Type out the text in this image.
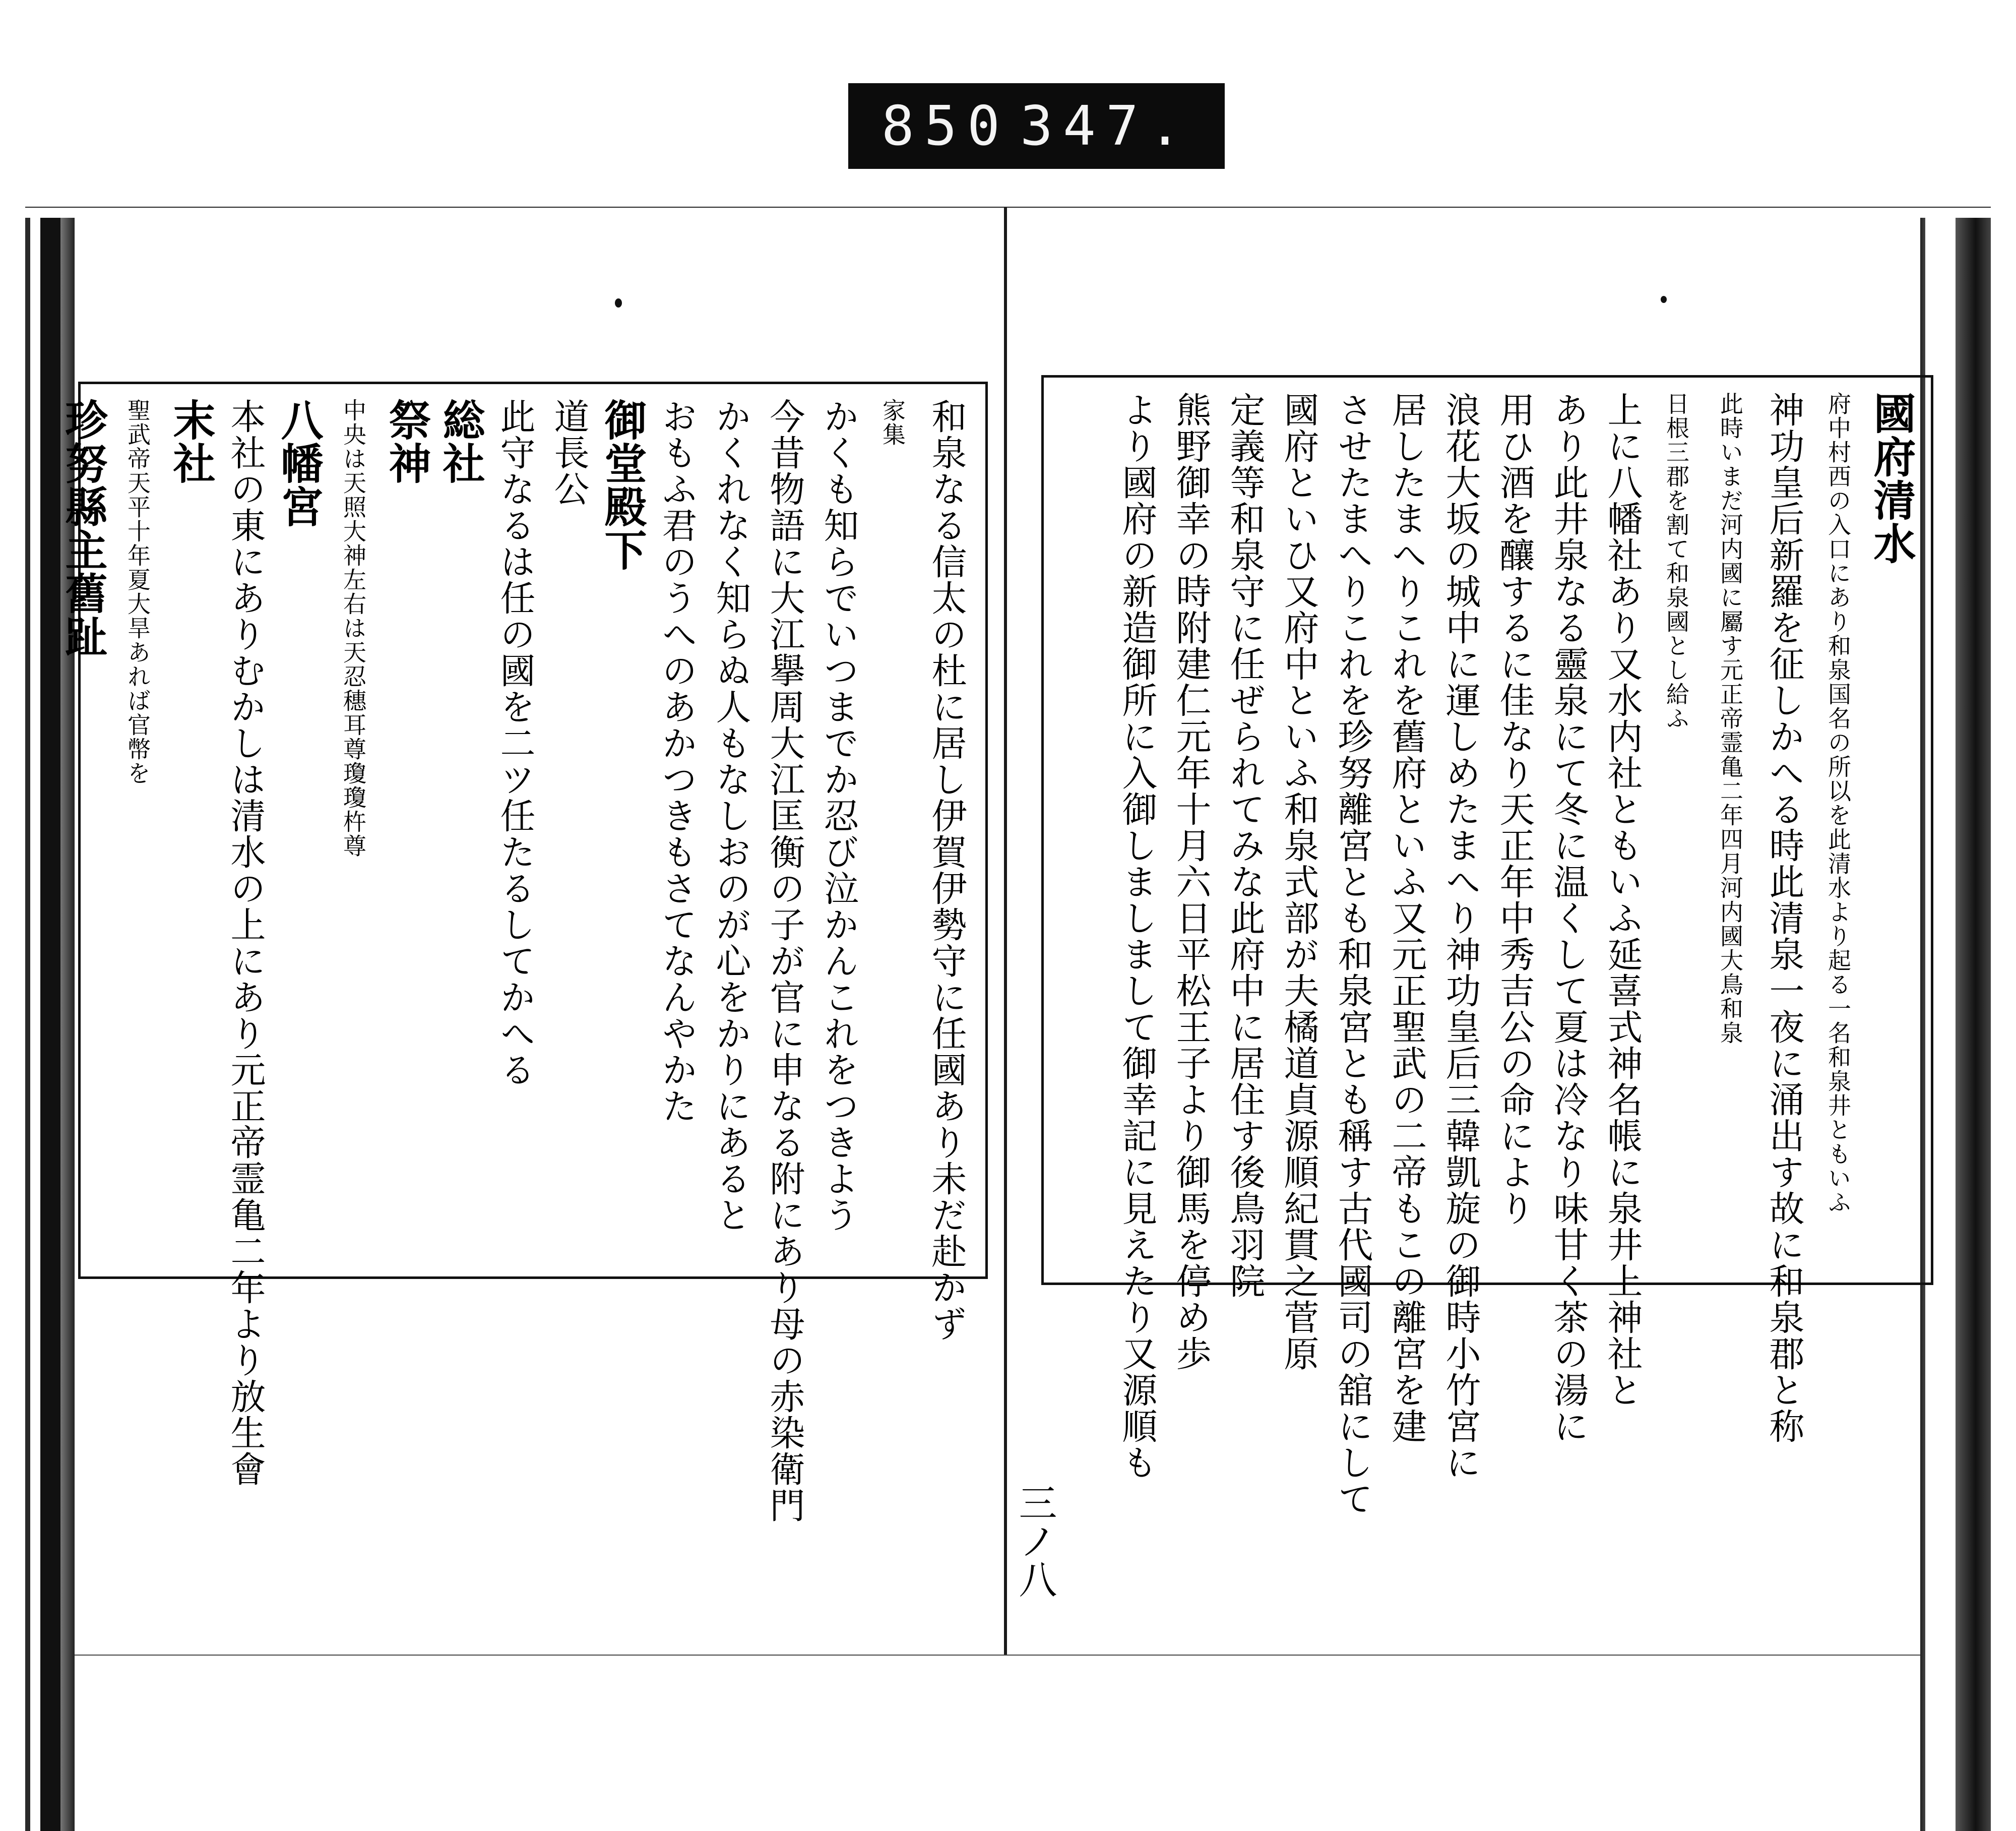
850 347.
和泉なる信太の杜に居し伊賀伊勢守に任國あり未だ赴かず
家集
かくも知らでいつまでか忍び泣かんこれをつきよう
今昔物語に大江擧周大江匡衡の子が官に申なる附にあり母の赤染衛門
かくれなく知らぬ人もなしおのが心をかりにあると
おもふ君のうへのあかつきもさてなんやかた
御堂殿下
道長公
此守なるは任の國を二ツ任たるしてかへる
総社
祭神
中央は天照大神左右は天忍穗耳尊瓊瓊杵尊
八幡宮
本社の東にありむかしは清水の上にあり元正帝霊亀二年より放生會
末社
聖武帝天平十年夏大旱あれば官幣を
珍努縣主舊趾
三ノ八
國府清水
府中村西の入口にあり和泉国名の所以を此清水より起る一名和泉井ともいふ
神功皇后新羅を征しかへる時此清泉一夜に涌出す故に和泉郡と称
此時いまだ河内國に屬す元正帝霊亀二年四月河内國大鳥和泉
日根三郡を割て和泉國とし給ふ
上に八幡社あり又水内社ともいふ延喜式神名帳に泉井上神社と
あり此井泉なる靈泉にて冬に温くして夏は冷なり味甘く茶の湯に
用ひ酒を釀するに佳なり天正年中秀吉公の命により
浪花大坂の城中に運しめたまへり神功皇后三韓凱旋の御時小竹宮に
居したまへりこれを舊府といふ又元正聖武の二帝もこの離宮を建
させたまへりこれを珍努離宮とも和泉宮とも稱す古代國司の舘にして
國府といひ又府中といふ和泉式部が夫橘道貞源順紀貫之菅原
定義等和泉守に任ぜられてみな此府中に居住す後鳥羽院
熊野御幸の時附建仁元年十月六日平松王子より御馬を停め歩
より國府の新造御所に入御しましまして御幸記に見えたり又源順も
